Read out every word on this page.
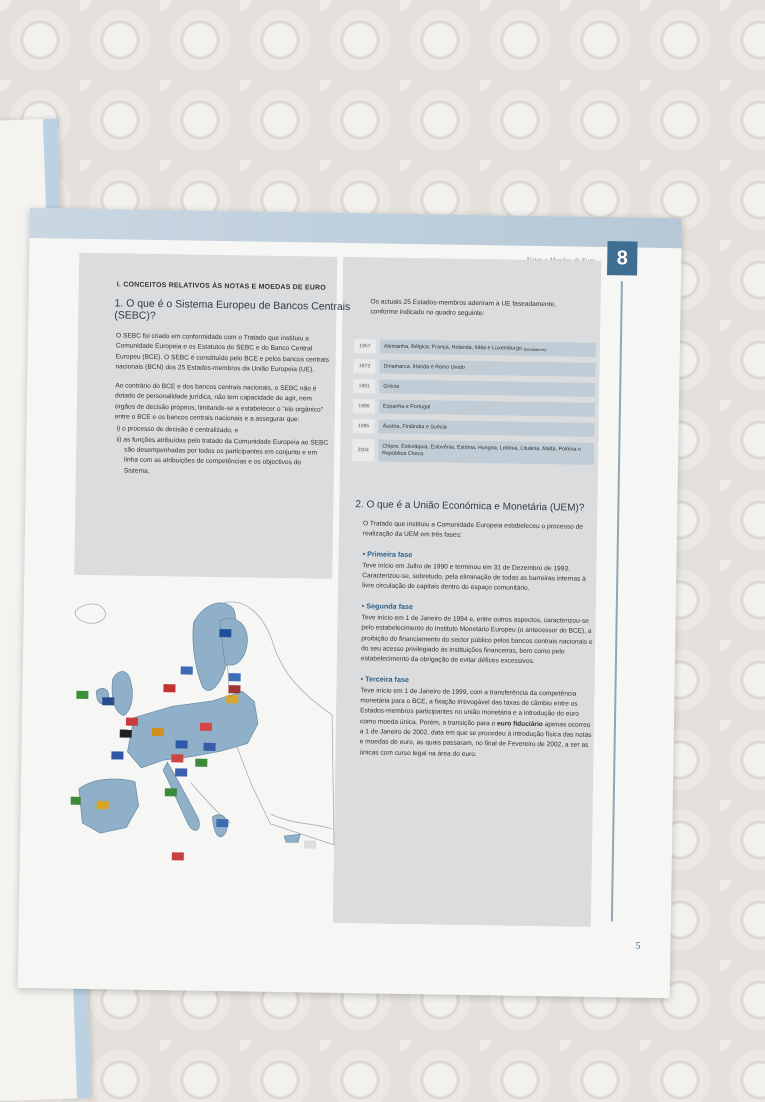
8
I. CONCEITOS RELATIVOS ÀS NOTAS E MOEDAS DE EURO
1. O que é o Sistema Europeu de Bancos Centrais (SEBC)?

O SEBC foi criado em conformidade com o Tratado que instituiu a Comunidade Europeia e os Estatutos do SEBC e do Banco Central Europeu (BCE). O SEBC é constituído pelo BCE e pelos bancos centrais nacionais (BCN) dos 25 Estados-membros da União Europeia (UE).

Ao contrário do BCE e dos bancos centrais nacionais, o SEBC não é dotado de personalidade jurídica, não tem capacidade de agir, nem órgãos de decisão próprios, limitando-se a estabelecer o "elo orgânico" entre o BCE e os bancos centrais nacionais e a assegurar que:

i) o processo de decisão é centralizado, e
ii) as funções atribuídas pelo tratado da Comunidade Europeia ao SEBC são desempenhadas por todos os participantes em conjunto e em linha com as atribuições de competências e os objectivos do Sistema.
Os actuais 25 Estados-membros aderiram à UE faseadamente, conforme indicado no quadro seguinte:
1957	Alemanha, Bélgica, França, Holanda, Itália e Luxemburgo
(fundadores)
1973	Dinamarca, Irlanda e Reino Unido
1981	Grécia
1986	Espanha e Portugal
1995	Áustria, Finlândia e Suécia
2004	Chipre, Eslováquia, Eslovénia, Estónia, Hungria, Letónia, Lituânia, Malta, Polónia e República Checa
2. O que é a União Económica e Monetária (UEM)?

O Tratado que instituiu a Comunidade Europeia estabeleceu o processo de realização da UEM em três fases:

• Primeira fase

Teve início em Julho de 1990 e terminou em 31 de Dezembro de 1993. Caracterizou-se, sobretudo, pela eliminação de todas as barreiras internas à livre circulação de capitais dentro do espaço comunitário.

• Segunda fase

Teve início em 1 de Janeiro de 1994 e, entre outros aspectos, caracterizou-se pelo estabelecimento do Instituto Monetário Europeu (o antecessor do BCE), a proibição do financiamento do sector público pelos bancos centrais nacionais e do seu acesso privilegiado às instituições financeiras, bem como pelo estabelecimento da obrigação de evitar défices excessivos.

• Terceira fase

Teve início em 1 de Janeiro de 1999, com a transferência da competência monetária para o BCE, a fixação irrevogável das taxas de câmbio entre os Estados-membros participantes no união monetária e a introdução do euro como moeda única. Porém, a transição para o euro fiduciário apenas ocorreu a 1 de Janeiro de 2002, data em que se procedeu à introdução física das notas e moedas de euro, as quais passaram, no final de Fevereiro de 2002, a ser as únicas com curso legal na área do euro.

5
